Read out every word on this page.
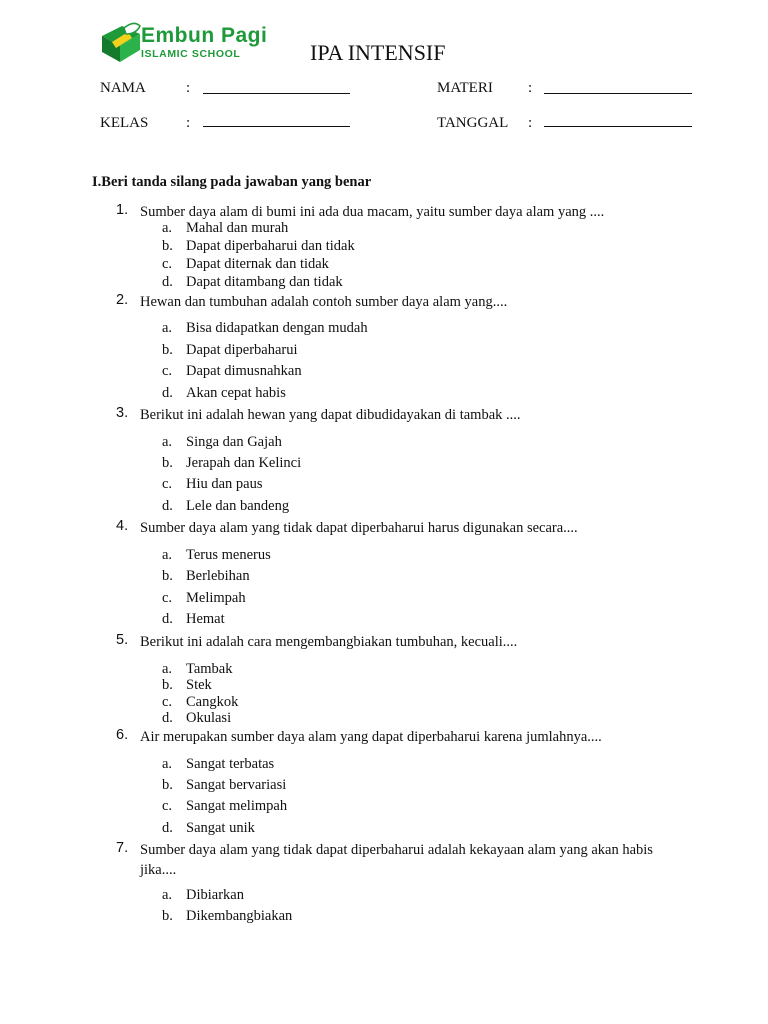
Embun Pagi
ISLAMIC SCHOOL	IPA INTENSIF
NAMA	:
KELAS	:
MATERI :
TANGGAL :
I.Beri tanda silang pada jawaban yang benar
1. Sumber daya alam di bumi ini ada dua macam, yaitu sumber daya alam yang ....
a. Mahal dan murah
b. Dapat diperbaharui dan tidak
c. Dapat diternak dan tidak
d. Dapat ditambang dan tidak
2. Hewan dan tumbuhan adalah contoh sumber daya alam yang....
a. Bisa didapatkan dengan mudah
b. Dapat diperbaharui
c. Dapat dimusnahkan
d. Akan cepat habis
3. Berikut ini adalah hewan yang dapat dibudidayakan di tambak ....
a. Singa dan Gajah
b. Jerapah dan Kelinci
c. Hiu dan paus
d. Lele dan bandeng
4. Sumber daya alam yang tidak dapat diperbaharui harus digunakan secara....
a. Terus menerus
b. Berlebihan
c. Melimpah
d. Hemat
5. Berikut ini adalah cara mengembangbiakan tumbuhan, kecuali....
a. Tambak
b. Stek
c. Cangkok
d. Okulasi
6. Air merupakan sumber daya alam yang dapat diperbaharui karena jumlahnya....
a. Sangat terbatas
b. Sangat bervariasi
c. Sangat melimpah
d. Sangat unik
7. Sumber daya alam yang tidak dapat diperbaharui adalah kekayaan alam yang akan habis jika....
a. Dibiarkan
b. Dikembangbiakan
